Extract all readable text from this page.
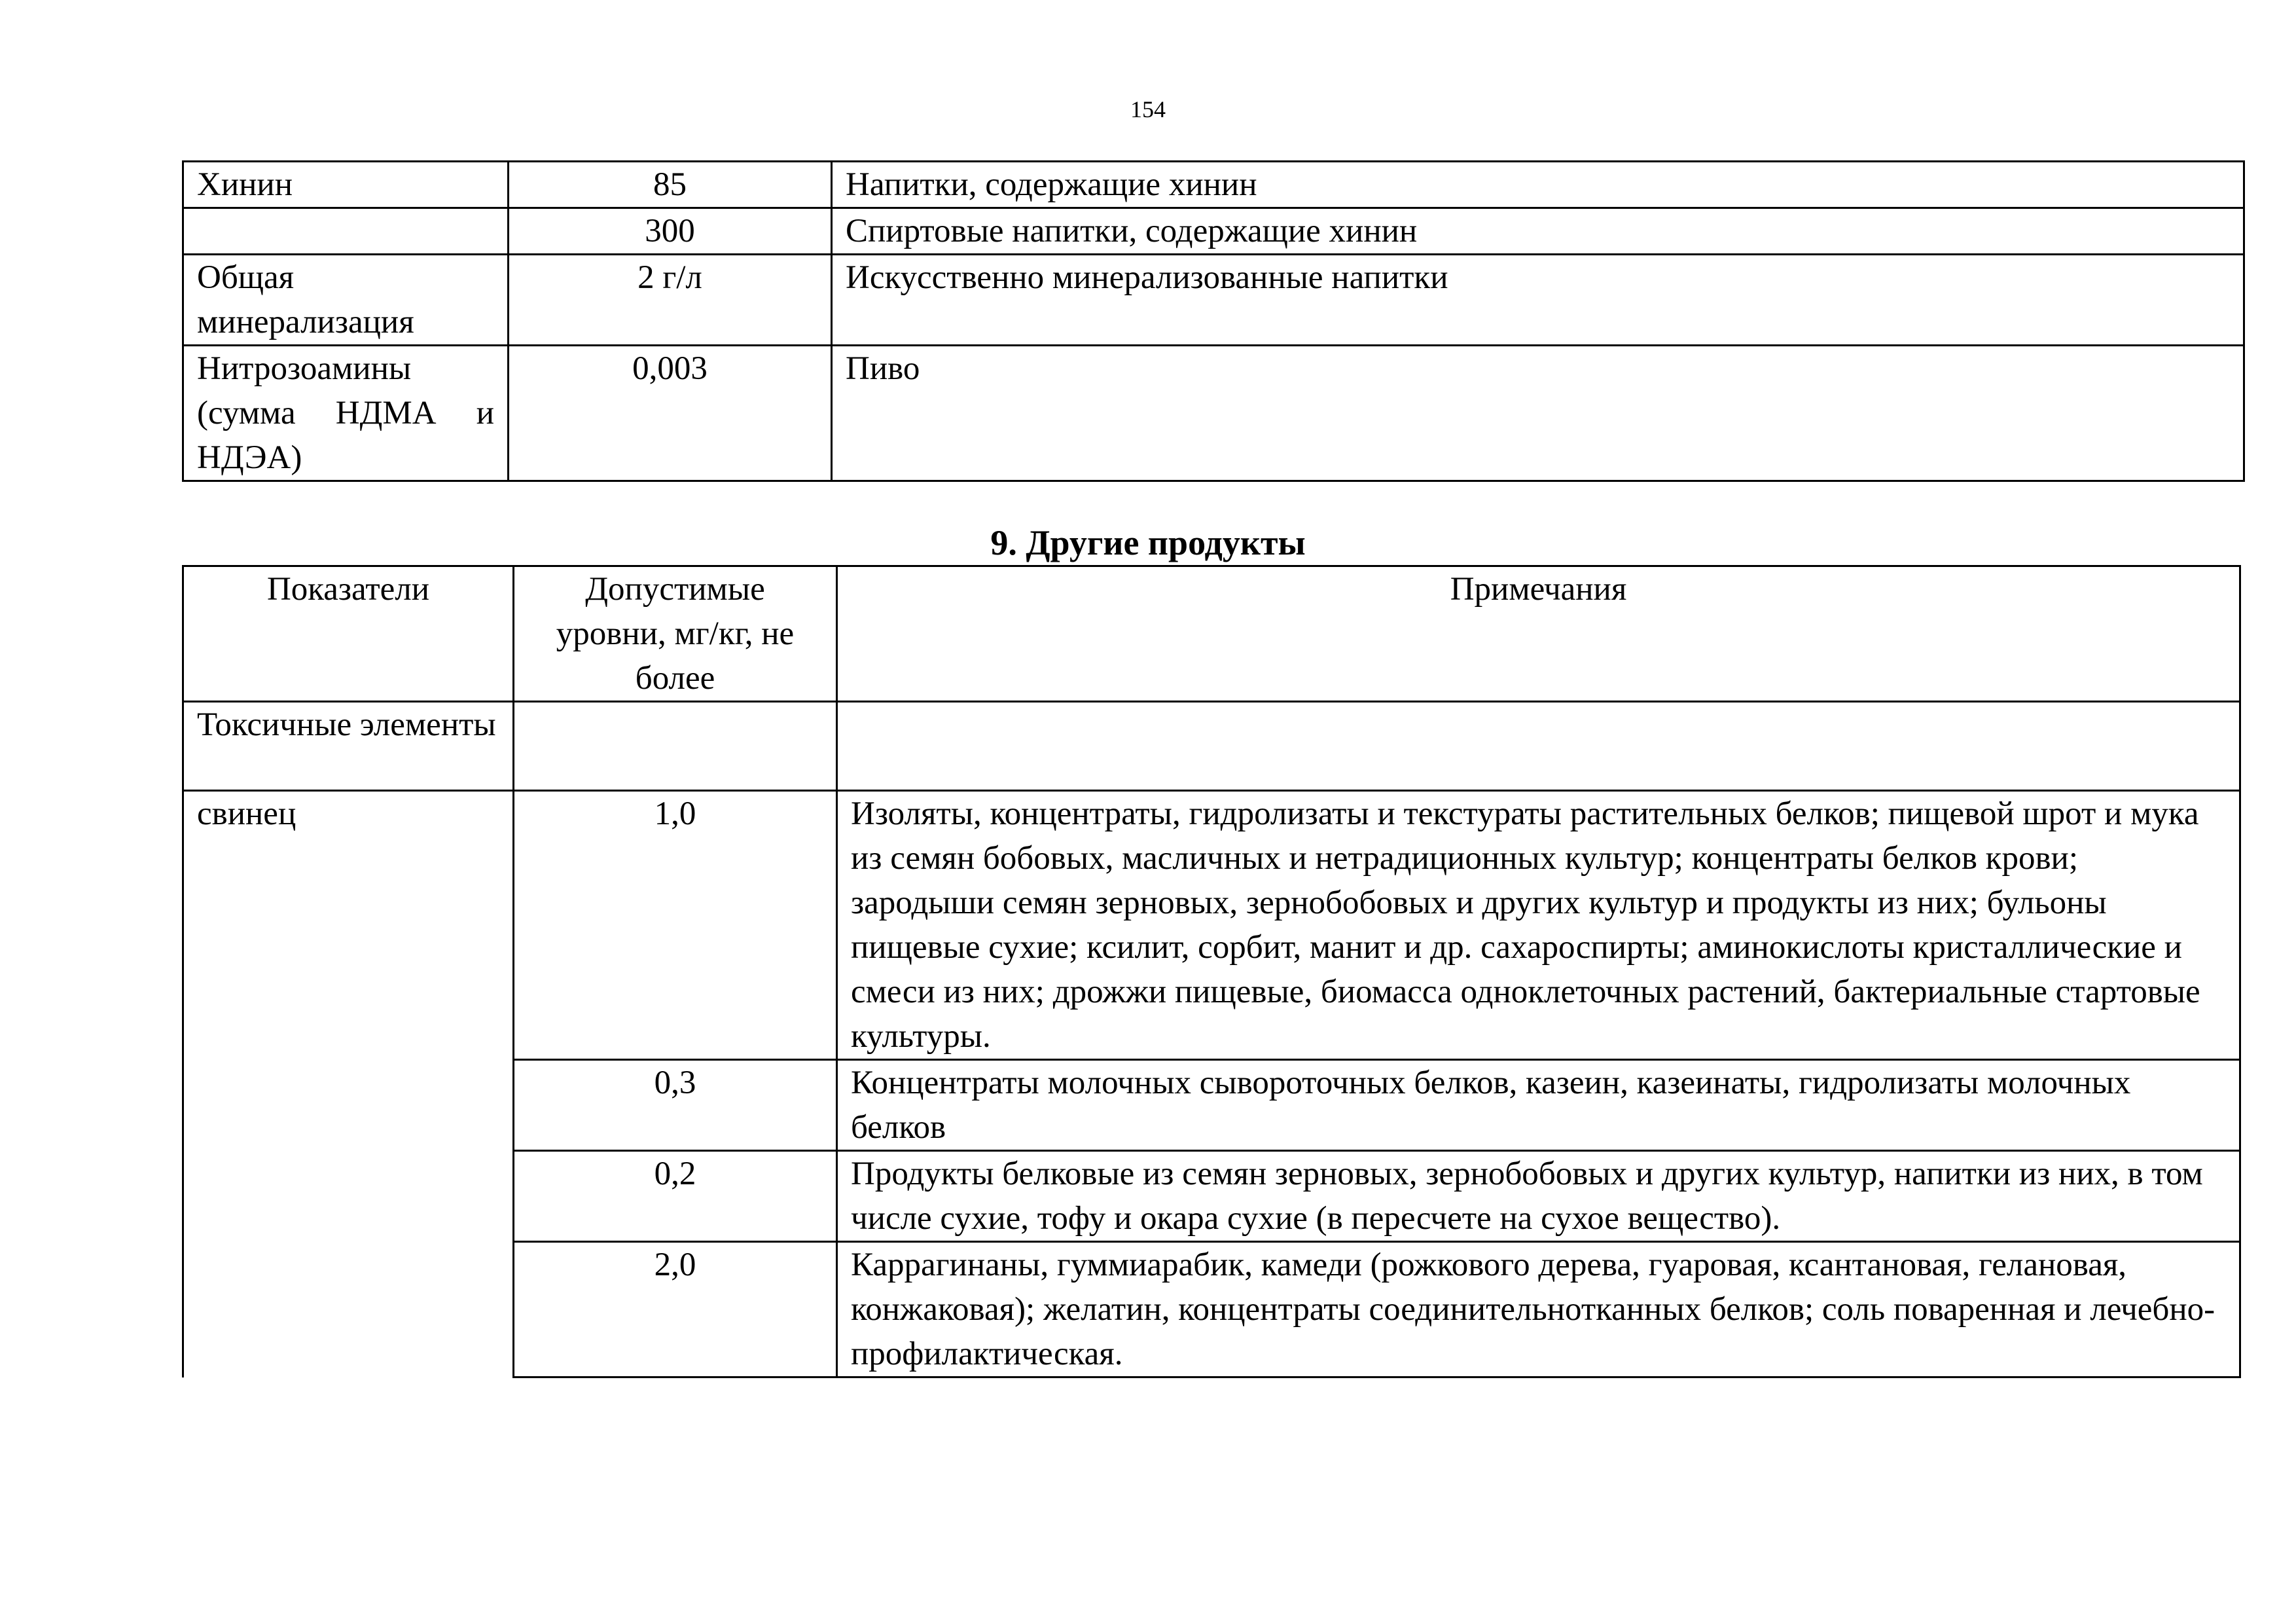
154
Хинин	85	Напитки, содержащие хинин
	300	Спиртовые напитки, содержащие хинин
Общая минерализация	2 г/л	Искусственно минерализованные напитки

Нитрозоамины (сумма НДМА и НДЭА)	0,003	Пиво
9. Другие продукты
Показатели	Допустимые уровни, мг/кг, не более	Примечания
Токсичные элементы		
свинец	1,0	Изоляты, концентраты, гидролизаты и текстураты растительных белков; пищевой шрот и мука из семян бобовых, масличных и нетрадиционных культур; концентраты белков крови; зародыши семян зерновых, зернобобовых и других культур и продукты из них; бульоны пищевые сухие; ксилит, сорбит, манит и др. сахароспирты; аминокислоты кристаллические и смеси из них; дрожжи пищевые, биомасса одноклеточных растений, бактериальные стартовые культуры.
	0,3	Концентраты молочных сывороточных белков, казеин, казеинаты, гидролизаты молочных белков
	0,2	Продукты белковые из семян зерновых, зернобобовых и других культур, напитки из них, в том числе сухие, тофу и окара сухие (в пересчете на сухое вещество).
	2,0	Каррагинаны, гуммиарабик, камеди (рожкового дерева, гуаровая, ксантановая, гелановая, конжаковая); желатин, концентраты соединительнотканных белков; соль поваренная и лечебно-профилактическая.
